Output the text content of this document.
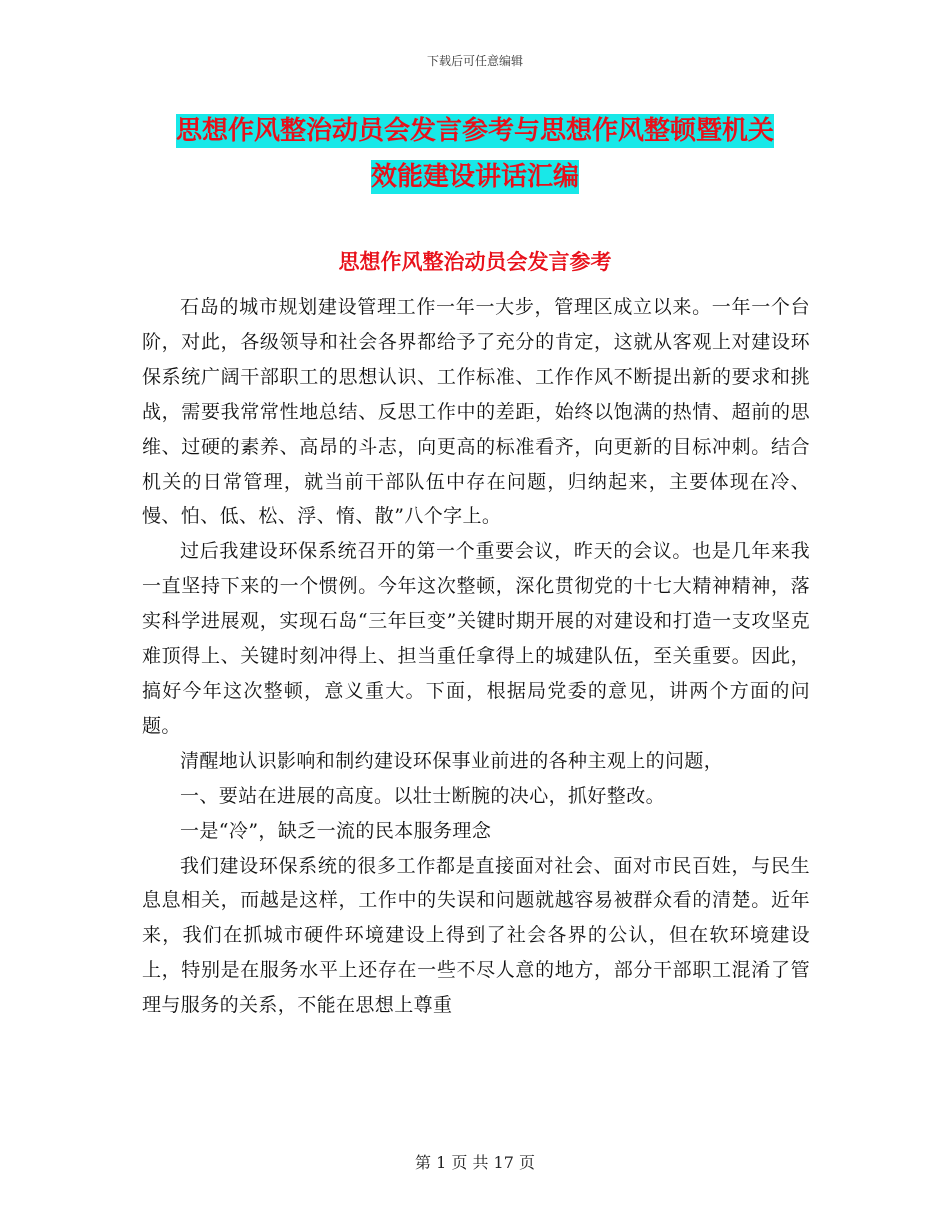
下载后可任意编辑
思想作风整治动员会发言参考与思想作风整顿暨机关
效能建设讲话汇编
思想作风整治动员会发言参考

石岛的城市规划建设管理工作一年一大步，管理区成立以来。一年一个台阶，对此，各级领导和社会各界都给予了充分的肯定，这就从客观上对建设环保系统广阔干部职工的思想认识、工作标准、工作作风不断提出新的要求和挑战，需要我常常性地总结、反思工作中的差距，始终以饱满的热情、超前的思维、过硬的素养、高昂的斗志，向更高的标准看齐，向更新的目标冲刺。结合机关的日常管理，就当前干部队伍中存在问题，归纳起来，主要体现在冷、慢、怕、低、松、浮、惰、散”八个字上。

过后我建设环保系统召开的第一个重要会议，昨天的会议。也是几年来我一直坚持下来的一个惯例。今年这次整顿，深化贯彻党的十七大精神精神，落实科学进展观，实现石岛“三年巨变”关键时期开展的对建设和打造一支攻坚克难顶得上、关键时刻冲得上、担当重任拿得上的城建队伍，至关重要。因此，搞好今年这次整顿，意义重大。下面，根据局党委的意见，讲两个方面的问题。

清醒地认识影响和制约建设环保事业前进的各种主观上的问题，

一、要站在进展的高度。以壮士断腕的决心，抓好整改。

一是“冷”，缺乏一流的民本服务理念

我们建设环保系统的很多工作都是直接面对社会、面对市民百姓，与民生息息相关，而越是这样，工作中的失误和问题就越容易被群众看的清楚。近年来，我们在抓城市硬件环境建设上得到了社会各界的公认，但在软环境建设上，特别是在服务水平上还存在一些不尽人意的地方，部分干部职工混淆了管理与服务的关系，不能在思想上尊重

第 1 页 共 17 页
